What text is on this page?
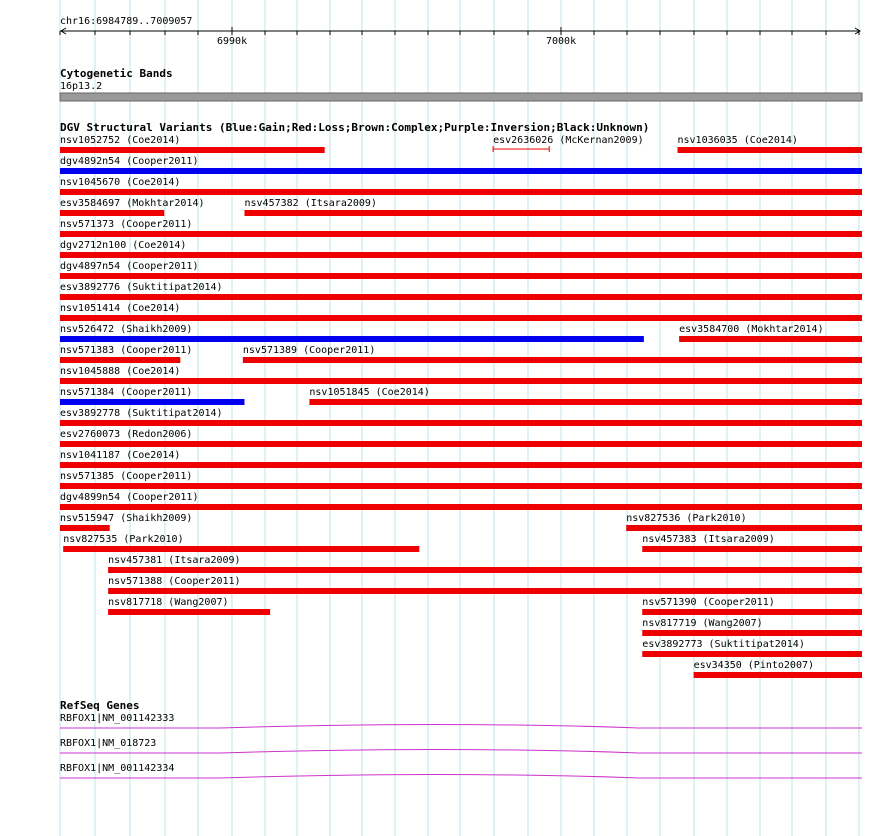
chr16:6984789..7009057
6990k	7000k
Cytogenetic Bands
16p13.2
DGV Structural Variants (Blue:Gain;Red:Loss;Brown:Complex;Purple:Inversion;Black:Unknown)
nsv1052752 (Coe2014)	esv2636026 (McKernan2009)	nsv1036035 (Coe2014)
dgv4892n54 (Cooper2011)
nsv1045670 (Coe2014)
esv3584697 (Mokhtar2014)	nsv457382 (Itsara2009)
nsv571373 (Cooper2011)
dgv2712n100 (Coe2014)
dgv4897n54 (Cooper2011)
esv3892776 (Suktitipat2014)
nsv1051414 (Coe2014)
nsv526472 (Shaikh2009)	esv3584700 (Mokhtar2014)
nsv571383 (Cooper2011)	nsv571389 (Cooper2011)
nsv1045888 (Coe2014)
nsv571384 (Cooper2011)	nsv1051845 (Coe2014)
esv3892778 (Suktitipat2014)
esv2760073 (Redon2006)
nsv1041187 (Coe2014)
nsv571385 (Cooper2011)
dgv4899n54 (Cooper2011)
nsv515947 (Shaikh2009)	nsv827536 (Park2010)
nsv827535 (Park2010)	nsv457383 (Itsara2009)
nsv457381 (Itsara2009)
nsv571388 (Cooper2011)
nsv817718 (Wang2007)	nsv571390 (Cooper2011)
nsv817719 (Wang2007)
esv3892773 (Suktitipat2014)
esv34350 (Pinto2007)
RefSeq Genes
RBFOX1|NM_001142333
RBFOX1|NM_018723
RBFOX1|NM_001142334
